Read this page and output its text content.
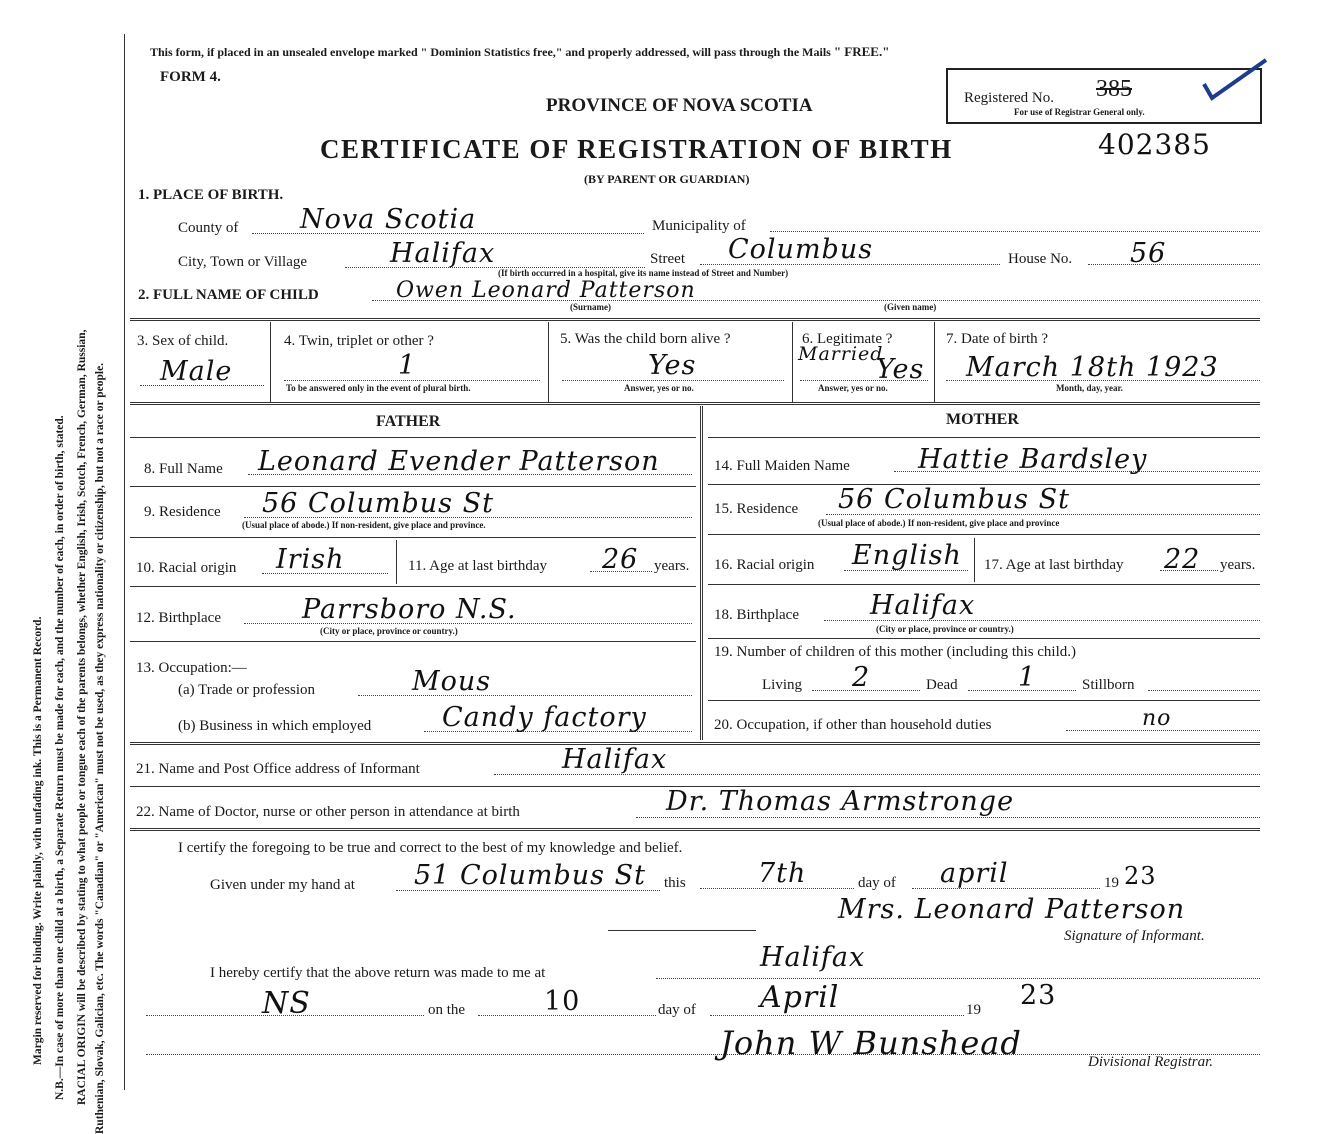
Margin reserved for binding. Write plainly, with unfading ink. This is a Permanent Record. N.B.—In case of more than one child at a birth, a Separate Return must be made for each, and the number of each, in order of birth, stated. RACIAL ORIGIN will be described by stating to what people or tongue each of the parents belongs, whether English, Irish, Scotch, French, German, Russian, Ruthenian, Slovak, Galician, etc. The words "Canadian" or "American" must not be used, as they express nationality or citizenship, but not a race or people.
This form, if placed in an unsealed envelope marked " Dominion Statistics free," and properly addressed, will pass through the Mails " FREE."
FORM 4.
PROVINCE OF NOVA SCOTIA	Registered No. 385
For use of Registrar General only.
CERTIFICATE OF REGISTRATION OF BIRTH	402385
(BY PARENT OR GUARDIAN)
1. PLACE OF BIRTH.
County of Nova Scotia	Municipality of
City, Town or Village	Halifax	Street Columbus	House No. 56
(If birth occurred in a hospital, give its name instead of Street and Number)
2. FULL NAME OF CHILD	Owen Leonard Patterson
(Surname)	(Given name)
3. Sex of child.
Male
4. Twin, triplet or other ?
1
To be answered only in the event of plural birth.
5. Was the child born alive ?
Yes
Answer, yes or no.
6. Legitimate ?
Married
Yes
Answer, yes or no.
7. Date of birth ?
March 18th 1923
Month, day, year.
FATHER	MOTHER
8. Full Name Leonard Evender Patterson
9. Residence 56 Columbus St
(Usual place of abode.) If non-resident, give place and province.
10. Racial origin Irish	11. Age at last birthday 26 years.
12. Birthplace	Parrsboro N.S.
(City or place, province or country.)
13. Occupation:—
(a) Trade or profession	Mous
(b) Business in which employed	Candy factory
14. Full Maiden Name	Hattie Bardsley
15. Residence 56 Columbus St
(Usual place of abode.) If non-resident, give place and province
16. Racial origin English 17. Age at last birthday 22 years.
18. Birthplace	Halifax
(City or place, province or country.)
19. Number of children of this mother (including this child.)
Living 2	Dead 1	Stillborn
20. Occupation, if other than household duties	no
21. Name and Post Office address of Informant	Halifax
22. Name of Doctor, nurse or other person in attendance at birth	Dr. Thomas Armstronge
I certify the foregoing to be true and correct to the best of my knowledge and belief.
Given under my hand at 51 Columbus St this	7th	day of april	19 23
Mrs. Leonard Patterson
Signature of Informant.
I hereby certify that the above return was made to me at	Halifax
NS	on the	10	day of April	19 23
John W Bunshead	Divisional Registrar.
